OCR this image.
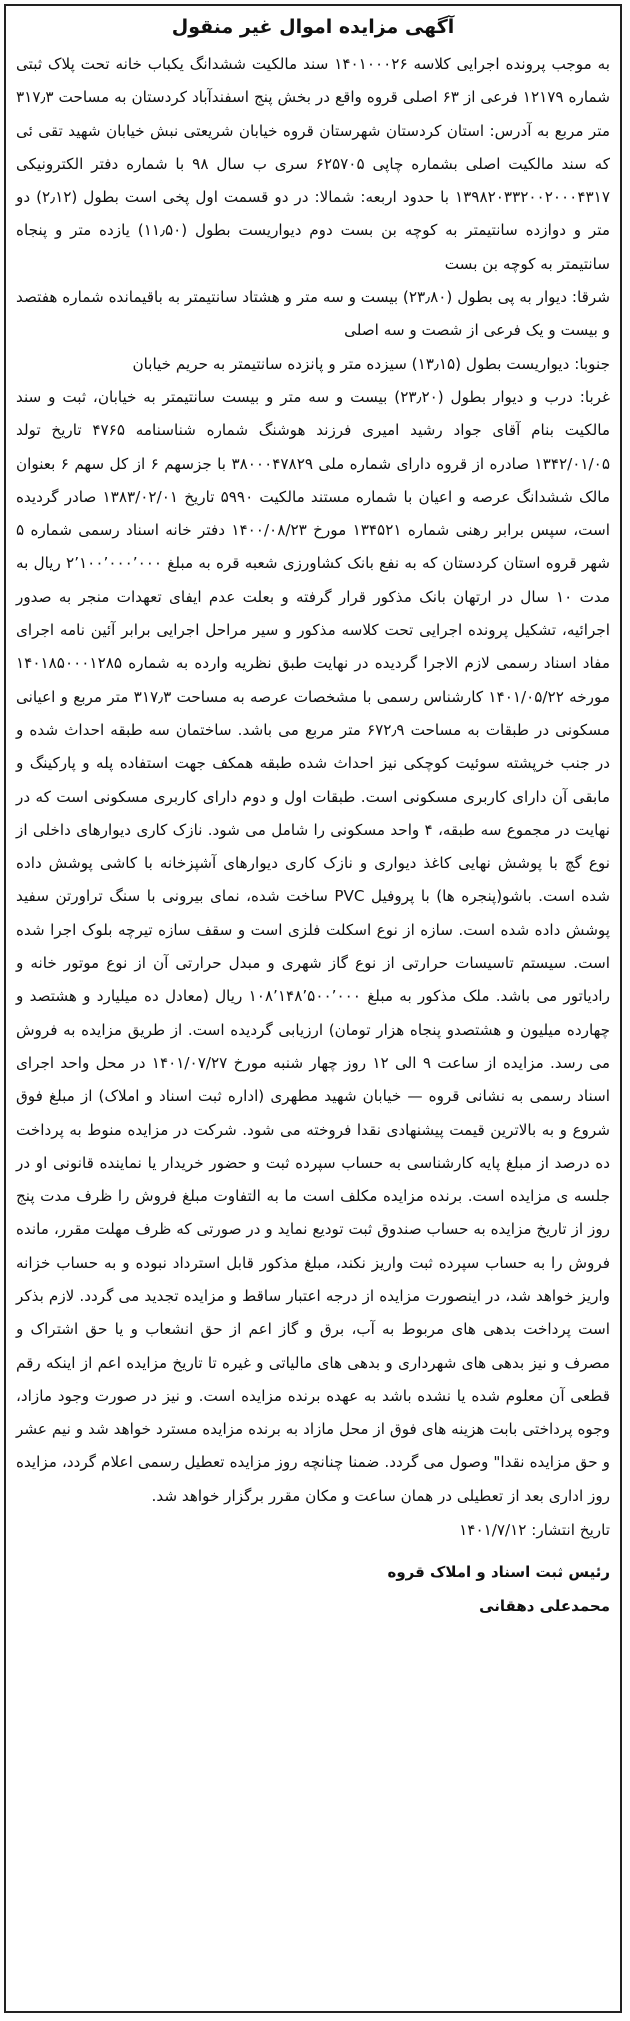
آگهی مزایده اموال غیر منقول

به موجب پرونده اجرایی کلاسه ۱۴۰۱۰۰۰۲۶ سند مالکیت ششدانگ یکباب خانه تحت پلاک ثبتی شماره ۱۲۱۷۹ فرعی از ۶۳ اصلی قروه واقع در بخش پنج اسفندآباد کردستان به مساحت ۳۱۷٫۳ متر مربع به آدرس: استان کردستان شهرستان قروه خیابان شریعتی نبش خیابان شهید تقی ئی که سند مالکیت اصلی بشماره چاپی ۶۲۵۷۰۵ سری ب سال ۹۸ با شماره دفتر الکترونیکی ۱۳۹۸۲۰۳۳۲۰۰۲۰۰۰۴۳۱۷ با حدود اربعه: شمالا: در دو قسمت اول پخی است بطول (۲٫۱۲) دو متر و دوازده سانتیمتر به کوچه بن بست دوم دیواریست بطول (۱۱٫۵۰) یازده متر و پنجاه سانتیمتر به کوچه بن بست

شرقا: دیوار به پی بطول (۲۳٫۸۰) بیست و سه متر و هشتاد سانتیمتر به باقیمانده شماره هفتصد و بیست و یک فرعی از شصت و سه اصلی

جنوبا: دیواریست بطول (۱۳٫۱۵) سیزده متر و پانزده سانتیمتر به حریم خیابان

غربا: درب و دیوار بطول (۲۳٫۲۰) بیست و سه متر و بیست سانتیمتر به خیابان، ثبت و سند مالکیت بنام آقای جواد رشید امیری فرزند هوشنگ شماره شناسنامه ۴۷۶۵ تاریخ تولد ۱۳۴۲/۰۱/۰۵ صادره از قروه دارای شماره ملی ۳۸۰۰۰۴۷۸۲۹ با جزسهم ۶ از کل سهم ۶ بعنوان مالک ششدانگ عرصه و اعیان با شماره مستند مالکیت ۵۹۹۰ تاریخ ۱۳۸۳/۰۲/۰۱ صادر گردیده است، سپس برابر رهنی شماره ۱۳۴۵۲۱ مورخ ۱۴۰۰/۰۸/۲۳ دفتر خانه اسناد رسمی شماره ۵ شهر قروه استان کردستان که به نفع بانک کشاورزی شعبه قره به مبلغ ۲٬۱۰۰٬۰۰۰٬۰۰۰ ریال به مدت ۱۰ سال در ارتهان بانک مذکور قرار گرفته و بعلت عدم ایفای تعهدات منجر به صدور اجرائیه، تشکیل پرونده اجرایی تحت کلاسه مذکور و سیر مراحل اجرایی برابر آئین نامه اجرای مفاد اسناد رسمی لازم الاجرا گردیده در نهایت طبق نظریه وارده به شماره ۱۴۰۱۸۵۰۰۰۱۲۸۵ مورخه ۱۴۰۱/۰۵/۲۲ کارشناس رسمی با مشخصات عرصه به مساحت ۳۱۷٫۳ متر مربع و اعیانی مسکونی در طبقات به مساحت ۶۷۲٫۹ متر مربع می باشد. ساختمان سه طبقه احداث شده و در جنب خرپشته سوئیت کوچکی نیز احداث شده طبقه همکف جهت استفاده پله و پارکینگ و مابقی آن دارای کاربری مسکونی است. طبقات اول و دوم دارای کاربری مسکونی است که در نهایت در مجموع سه طبقه، ۴ واحد مسکونی را شامل می شود. نازک کاری دیوارهای داخلی از نوع گچ با پوشش نهایی کاغذ دیواری و نازک کاری دیوارهای آشپزخانه با کاشی پوشش داده شده است. باشو(پنجره ها) با پروفیل PVC ساخت شده، نمای بیرونی با سنگ تراورتن سفید پوشش داده شده است. سازه از نوع اسکلت فلزی است و سقف سازه تیرچه بلوک اجرا شده است. سیستم تاسیسات حرارتی از نوع گاز شهری و مبدل حرارتی آن از نوع موتور خانه و رادیاتور می باشد. ملک مذکور به مبلغ ۱۰۸٬۱۴۸٬۵۰۰٬۰۰۰ ریال (معادل ده میلیارد و هشتصد و چهارده میلیون و هشتصدو پنجاه هزار تومان) ارزیابی گردیده است. از طریق مزایده به فروش می رسد. مزایده از ساعت ۹ الی ۱۲ روز چهار شنبه مورخ ۱۴۰۱/۰۷/۲۷ در محل واحد اجرای اسناد رسمی به نشانی قروه — خیابان شهید مطهری (اداره ثبت اسناد و املاک) از مبلغ فوق شروع و به بالاترین قیمت پیشنهادی نقدا فروخته می شود. شرکت در مزایده منوط به پرداخت ده درصد از مبلغ پایه کارشناسی به حساب سپرده ثبت و حضور خریدار یا نماینده قانونی او در جلسه ی مزایده است. برنده مزایده مکلف است ما به التفاوت مبلغ فروش را ظرف مدت پنج روز از تاریخ مزایده به حساب صندوق ثبت تودیع نماید و در صورتی که ظرف مهلت مقرر، مانده فروش را به حساب سپرده ثبت واریز نکند، مبلغ مذکور قابل استرداد نبوده و به حساب خزانه واریز خواهد شد، در اینصورت مزایده از درجه اعتبار ساقط و مزایده تجدید می گردد. لازم بذکر است پرداخت بدهی های مربوط به آب، برق و گاز اعم از حق انشعاب و یا حق اشتراک و مصرف و نیز بدهی های شهرداری و بدهی های مالیاتی و غیره تا تاریخ مزایده اعم از اینکه رقم قطعی آن معلوم شده یا نشده باشد به عهده برنده مزایده است. و نیز در صورت وجود مازاد، وجوه پرداختی بابت هزینه های فوق از محل مازاد به برنده مزایده مسترد خواهد شد و نیم عشر و حق مزایده نقدا" وصول می گردد. ضمنا چنانچه روز مزایده تعطیل رسمی اعلام گردد، مزایده روز اداری بعد از تعطیلی در همان ساعت و مکان مقرر برگزار خواهد شد.

تاریخ انتشار: ۱۴۰۱/۷/۱۲

رئیس ثبت اسناد و املاک قروه
محمدعلی دهقانی
